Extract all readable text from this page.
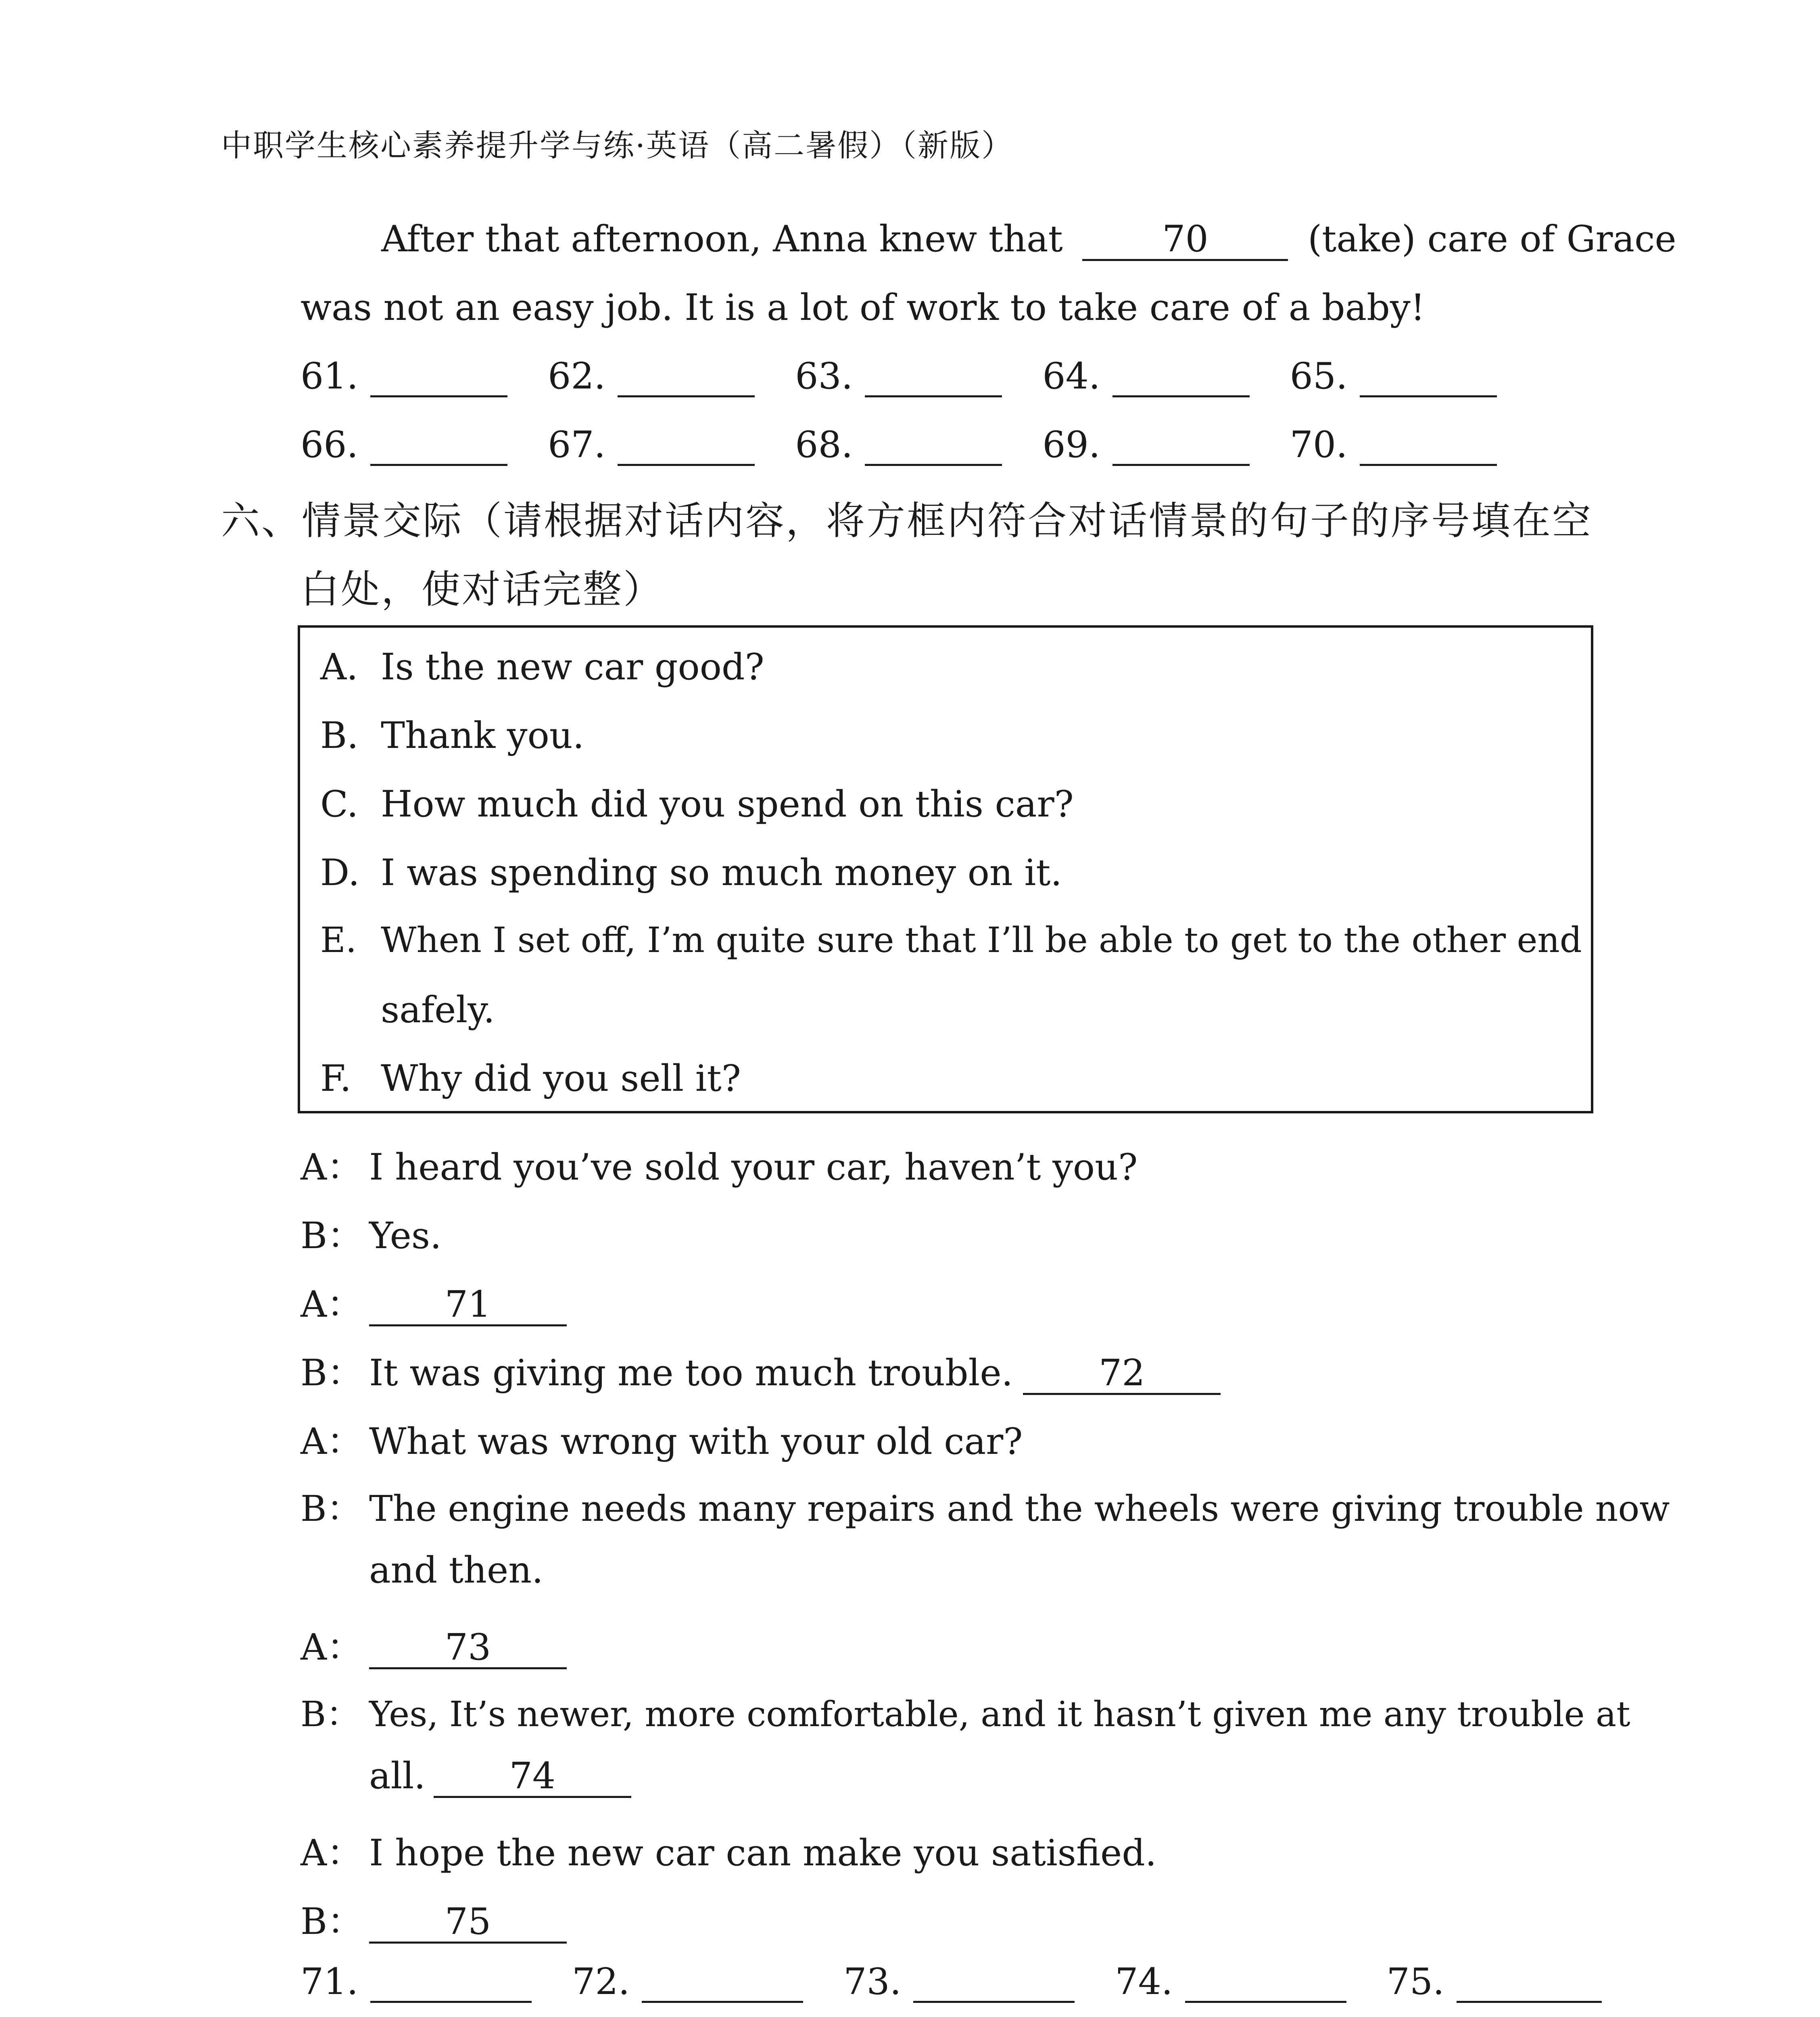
中职学生核心素养提升学与练·英语（高二暑假）（新版）
After that afternoon, Anna knew that	70	(take) care of Grace
was not an easy job. It is a lot of work to take care of a baby!
61.	62.	63.	64.	65.
66.	67.	68.	69.	70.
六、情景交际（请根据对话内容，将方框内符合对话情景的句子的序号填在空
白处，使对话完整）
A. Is the new car good?
B. Thank you.
C. How much did you spend on this car?
D. I was spending so much money on it.
E. When I set off, I’m quite sure that I’ll be able to get to the other end
safely.
F. Why did you sell it?
A： I heard you’ve sold your car, haven’t you?
B： Yes.
A： 71
B： It was giving me too much trouble. 72
A： What was wrong with your old car?
B： The engine needs many repairs and the wheels were giving trouble now
and then.
A： 73
B： Yes, It’s newer, more comfortable, and it hasn’t given me any trouble at
all. 74
A： I hope the new car can make you satisfied.
B： 75
71.	72.	73.	74.	75.
